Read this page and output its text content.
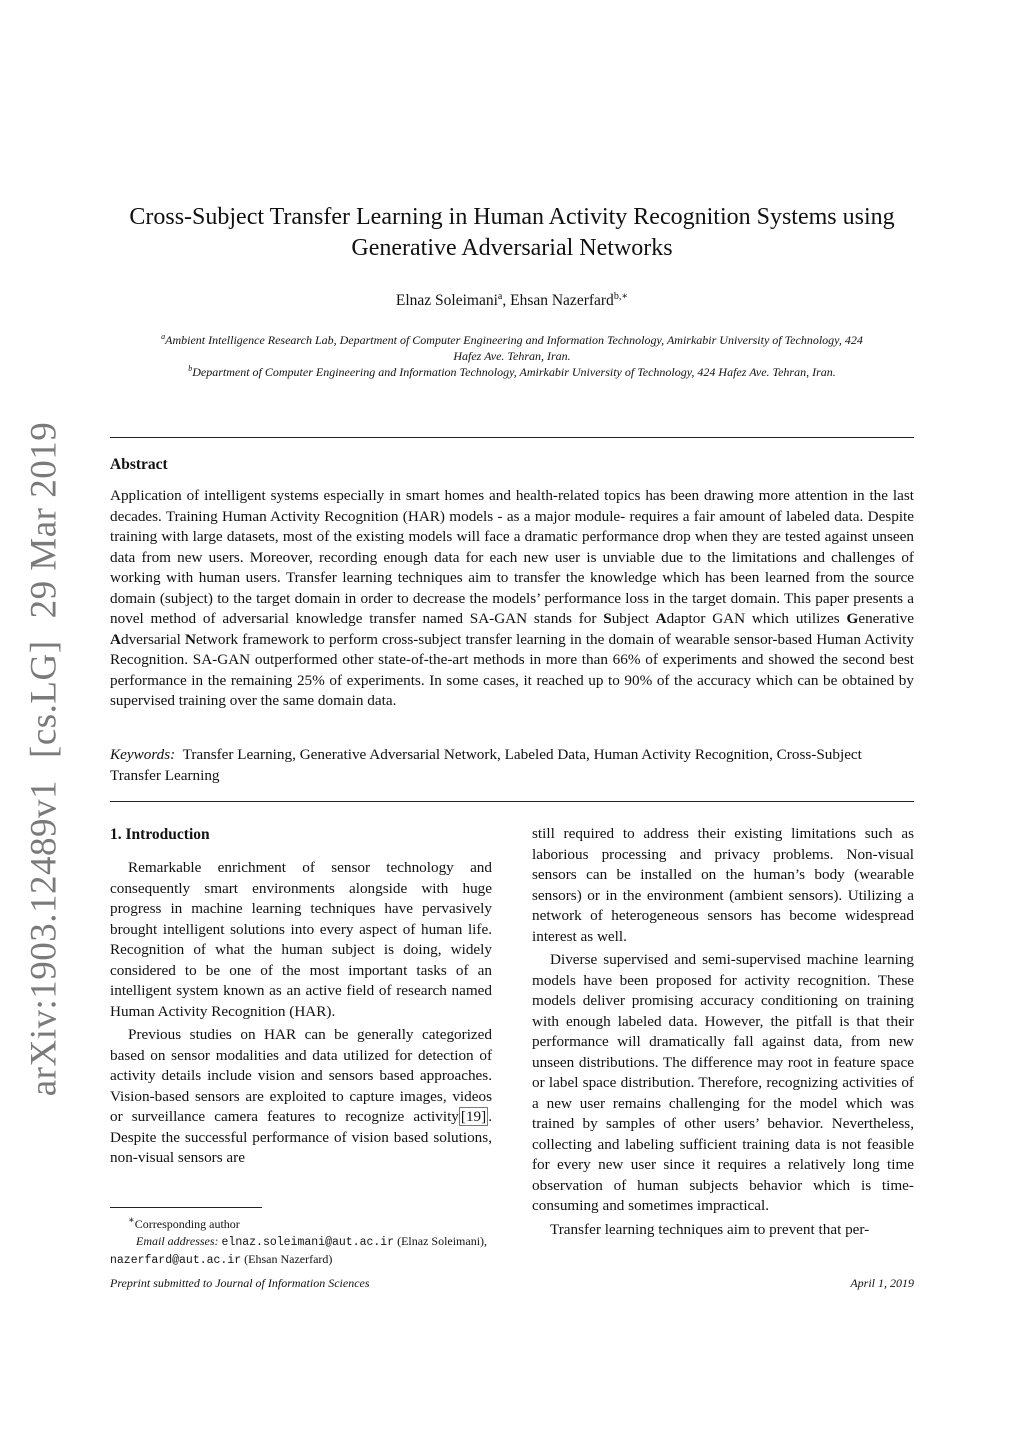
arXiv:1903.12489v1[cs.LG]29 Mar 2019
Cross-Subject Transfer Learning in Human Activity Recognition Systems using
Generative Adversarial Networks
Elnaz Soleimani$^a$, Ehsan Nazerfard$^{b,∗}$
$^a$Ambient Intelligence Research Lab, Department of Computer Engineering and Information Technology, Amirkabir University of Technology, 424
Hafez Ave. Tehran, Iran.
$^b$Department of Computer Engineering and Information Technology, Amirkabir University of Technology, 424 Hafez Ave. Tehran, Iran.
Abstract
Application of intelligent systems especially in smart homes and health-related topics has been drawing more attention in the last decades. Training Human Activity Recognition (HAR) models - as a major module- requires a fair amount of labeled data. Despite training with large datasets, most of the existing models will face a dramatic performance drop when they are tested against unseen data from new users. Moreover, recording enough data for each new user is unviable due to the limitations and challenges of working with human users. Transfer learning techniques aim to transfer the knowledge which has been learned from the source domain (subject) to the target domain in order to decrease the models’ performance loss in the target domain. This paper presents a novel method of adversarial knowledge transfer named SA-GAN stands for Subject Adaptor GAN which utilizes Generative Adversarial Network framework to perform cross-subject transfer learning in the domain of wearable sensor-based Human Activity Recognition. SA-GAN outperformed other state-of-the-art methods in more than 66% of experiments and showed the second best performance in the remaining 25% of experiments. In some cases, it reached up to 90% of the accuracy which can be obtained by supervised training over the same domain data.
Keywords: Transfer Learning, Generative Adversarial Network, Labeled Data, Human Activity Recognition, Cross-Subject Transfer Learning
1. Introduction

Remarkable enrichment of sensor technology and consequently smart environments alongside with huge progress in machine learning techniques have pervasively brought intelligent solutions into every aspect of human life. Recognition of what the human subject is doing, widely considered to be one of the most important tasks of an intelligent system known as an active field of research named Human Activity Recognition (HAR).

Previous studies on HAR can be generally categorized based on sensor modalities and data utilized for detection of activity details include vision and sensors based approaches. Vision-based sensors are exploited to capture images, videos or surveillance camera features to recognize activity [19] . Despite the successful performance of vision based solutions, non-visual sensors are

still required to address their existing limitations such as laborious processing and privacy problems. Non-visual sensors can be installed on the human’s body (wearable sensors) or in the environment (ambient sensors). Utilizing a network of heterogeneous sensors has become widespread interest as well.

Diverse supervised and semi-supervised machine learning models have been proposed for activity recognition. These models deliver promising accuracy conditioning on training with enough labeled data. However, the pitfall is that their performance will dramatically fall against data, from new unseen distributions. The difference may root in feature space or label space distribution. Therefore, recognizing activities of a new user remains challenging for the model which was trained by samples of other users’ behavior. Nevertheless, collecting and labeling sufficient training data is not feasible for every new user since it requires a relatively long time observation of human subjects behavior which is time-consuming and sometimes impractical.

Transfer learning techniques aim to prevent that per-

∗Corresponding author
Email addresses: elnaz.soleimani@aut.ac.ir (Elnaz Soleimani), nazerfard@aut.ac.ir (Ehsan Nazerfard)
Preprint submitted to Journal of Information Sciences	April 1, 2019
